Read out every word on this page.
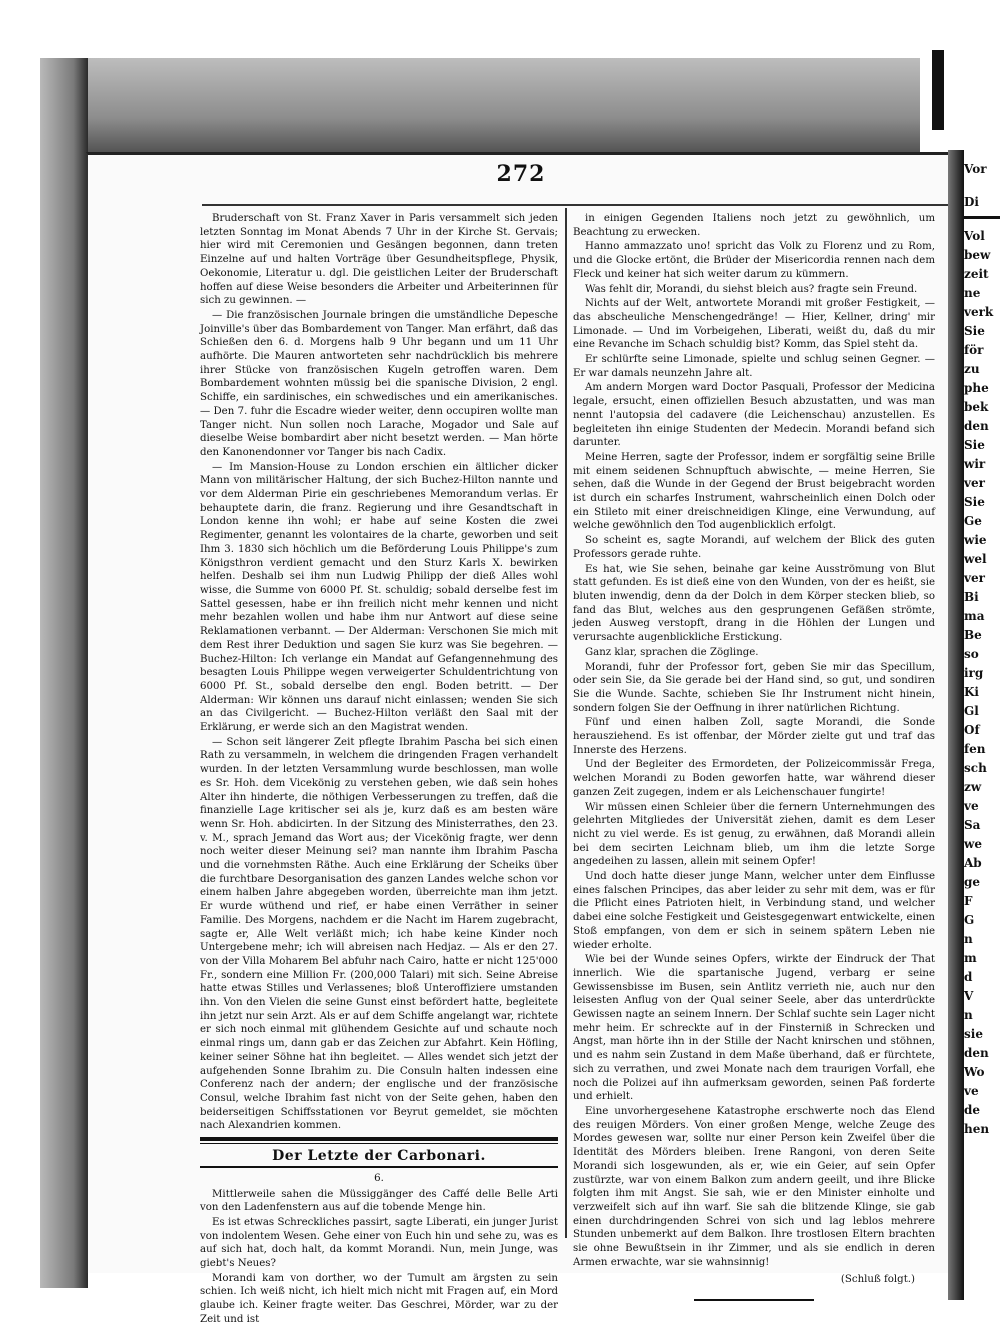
272

Bruderschaft von St. Franz Xaver in Paris versammelt sich jeden letzten Sonntag im Monat Abends 7 Uhr in der Kirche St. Gervais; hier wird mit Ceremonien und Gesängen begonnen, dann treten Einzelne auf und halten Vorträge über Gesundheitspflege, Physik, Oekonomie, Literatur u. dgl. Die geistlichen Leiter der Bruderschaft hoffen auf diese Weise besonders die Arbeiter und Arbeiterinnen für sich zu gewinnen. —

— Die französischen Journale bringen die umständliche Depesche Joinville's über das Bombardement von Tanger. Man erfährt, daß das Schießen den 6. d. Morgens halb 9 Uhr begann und um 11 Uhr aufhörte. Die Mauren antworteten sehr nachdrücklich bis mehrere ihrer Stücke von französischen Kugeln getroffen waren. Dem Bombardement wohnten müssig bei die spanische Division, 2 engl. Schiffe, ein sardinisches, ein schwedisches und ein amerikanisches. — Den 7. fuhr die Escadre wieder weiter, denn occupiren wollte man Tanger nicht. Nun sollen noch Larache, Mogador und Sale auf dieselbe Weise bombardirt aber nicht besetzt werden. — Man hörte den Kanonendonner vor Tanger bis nach Cadix.

— Im Mansion-House zu London erschien ein ältlicher dicker Mann von militärischer Haltung, der sich Buchez-Hilton nannte und vor dem Alderman Pirie ein geschriebenes Memorandum verlas. Er behauptete darin, die franz. Regierung und ihre Gesandtschaft in London kenne ihn wohl; er habe auf seine Kosten die zwei Regimenter, genannt les volontaires de la charte, geworben und seit Ihm 3. 1830 sich höchlich um die Beförderung Louis Philippe's zum Königsthron verdient gemacht und den Sturz Karls X. bewirken helfen. Deshalb sei ihm nun Ludwig Philipp der dieß Alles wohl wisse, die Summe von 6000 Pf. St. schuldig; sobald derselbe fest im Sattel gesessen, habe er ihn freilich nicht mehr kennen und nicht mehr bezahlen wollen und habe ihm nur Antwort auf diese seine Reklamationen verbannt. — Der Alderman: Verschonen Sie mich mit dem Rest ihrer Deduktion und sagen Sie kurz was Sie begehren. — Buchez-Hilton: Ich verlange ein Mandat auf Gefangennehmung des besagten Louis Philippe wegen verweigerter Schuldentrichtung von 6000 Pf. St., sobald derselbe den engl. Boden betritt. — Der Alderman: Wir können uns darauf nicht einlassen; wenden Sie sich an das Civilgericht. — Buchez-Hilton verläßt den Saal mit der Erklärung, er werde sich an den Magistrat wenden.

— Schon seit längerer Zeit pflegte Ibrahim Pascha bei sich einen Rath zu versammeln, in welchem die dringenden Fragen verhandelt wurden. In der letzten Versammlung wurde beschlossen, man wolle es Sr. Hoh. dem Vicekönig zu verstehen geben, wie daß sein hohes Alter ihn hinderte, die nöthigen Verbesserungen zu treffen, daß die finanzielle Lage kritischer sei als je, kurz daß es am besten wäre wenn Sr. Hoh. abdicirten. In der Sitzung des Ministerrathes, den 23. v. M., sprach Jemand das Wort aus; der Vicekönig fragte, wer denn noch weiter dieser Meinung sei? man nannte ihm Ibrahim Pascha und die vornehmsten Räthe. Auch eine Erklärung der Scheiks über die furchtbare Desorganisation des ganzen Landes welche schon vor einem halben Jahre abgegeben worden, überreichte man ihm jetzt. Er wurde wüthend und rief, er habe einen Verräther in seiner Familie. Des Morgens, nachdem er die Nacht im Harem zugebracht, sagte er, Alle Welt verläßt mich; ich habe keine Kinder noch Untergebene mehr; ich will abreisen nach Hedjaz. — Als er den 27. von der Villa Moharem Bel abfuhr nach Cairo, hatte er nicht 125'000 Fr., sondern eine Million Fr. (200,000 Talari) mit sich. Seine Abreise hatte etwas Stilles und Verlassenes; bloß Unteroffiziere umstanden ihn. Von den Vielen die seine Gunst einst befördert hatte, begleitete ihn jetzt nur sein Arzt. Als er auf dem Schiffe angelangt war, richtete er sich noch einmal mit glühendem Gesichte auf und schaute noch einmal rings um, dann gab er das Zeichen zur Abfahrt. Kein Höfling, keiner seiner Söhne hat ihn begleitet. — Alles wendet sich jetzt der aufgehenden Sonne Ibrahim zu. Die Consuln halten indessen eine Conferenz nach der andern; der englische und der französische Consul, welche Ibrahim fast nicht von der Seite gehen, haben den beiderseitigen Schiffsstationen vor Beyrut gemeldet, sie möchten nach Alexandrien kommen.

Der Letzte der Carbonari.
6.

Mittlerweile sahen die Müssiggänger des Caffé delle Belle Arti von den Ladenfenstern aus auf die tobende Menge hin.

Es ist etwas Schreckliches passirt, sagte Liberati, ein junger Jurist von indolentem Wesen. Gehe einer von Euch hin und sehe zu, was es auf sich hat, doch halt, da kommt Morandi. Nun, mein Junge, was giebt's Neues?

Morandi kam von dorther, wo der Tumult am ärgsten zu sein schien. Ich weiß nicht, ich hielt mich nicht mit Fragen auf, ein Mord glaube ich. Keiner fragte weiter. Das Geschrei, Mörder, war zu der Zeit und ist

in einigen Gegenden Italiens noch jetzt zu gewöhnlich, um Beachtung zu erwecken.

Hanno ammazzato uno! spricht das Volk zu Florenz und zu Rom, und die Glocke ertönt, die Brüder der Misericordia rennen nach dem Fleck und keiner hat sich weiter darum zu kümmern.

Was fehlt dir, Morandi, du siehst bleich aus? fragte sein Freund.

Nichts auf der Welt, antwortete Morandi mit großer Festigkeit, — das abscheuliche Menschengedränge! — Hier, Kellner, dring' mir Limonade. — Und im Vorbeigehen, Liberati, weißt du, daß du mir eine Revanche im Schach schuldig bist? Komm, das Spiel steht da.

Er schlürfte seine Limonade, spielte und schlug seinen Gegner. — Er war damals neunzehn Jahre alt.

Am andern Morgen ward Doctor Pasquali, Professor der Medicina legale, ersucht, einen offiziellen Besuch abzustatten, und was man nennt l'autopsia del cadavere (die Leichenschau) anzustellen. Es begleiteten ihn einige Studenten der Medecin. Morandi befand sich darunter.

Meine Herren, sagte der Professor, indem er sorgfältig seine Brille mit einem seidenen Schnupftuch abwischte, — meine Herren, Sie sehen, daß die Wunde in der Gegend der Brust beigebracht worden ist durch ein scharfes Instrument, wahrscheinlich einen Dolch oder ein Stileto mit einer dreischneidigen Klinge, eine Verwundung, auf welche gewöhnlich den Tod augenblicklich erfolgt.

So scheint es, sagte Morandi, auf welchem der Blick des guten Professors gerade ruhte.

Es hat, wie Sie sehen, beinahe gar keine Ausströmung von Blut statt gefunden. Es ist dieß eine von den Wunden, von der es heißt, sie bluten inwendig, denn da der Dolch in dem Körper stecken blieb, so fand das Blut, welches aus den gesprungenen Gefäßen strömte, jeden Ausweg verstopft, drang in die Höhlen der Lungen und verursachte augenblickliche Erstickung.

Ganz klar, sprachen die Zöglinge.

Morandi, fuhr der Professor fort, geben Sie mir das Specillum, oder sein Sie, da Sie gerade bei der Hand sind, so gut, und sondiren Sie die Wunde. Sachte, schieben Sie Ihr Instrument nicht hinein, sondern folgen Sie der Oeffnung in ihrer natürlichen Richtung.

Fünf und einen halben Zoll, sagte Morandi, die Sonde herausziehend. Es ist offenbar, der Mörder zielte gut und traf das Innerste des Herzens.

Und der Begleiter des Ermordeten, der Polizeicommissär Frega, welchen Morandi zu Boden geworfen hatte, war während dieser ganzen Zeit zugegen, indem er als Leichenschauer fungirte!

Wir müssen einen Schleier über die fernern Unternehmungen des gelehrten Mitgliedes der Universität ziehen, damit es dem Leser nicht zu viel werde. Es ist genug, zu erwähnen, daß Morandi allein bei dem secirten Leichnam blieb, um ihm die letzte Sorge angedeihen zu lassen, allein mit seinem Opfer!

Und doch hatte dieser junge Mann, welcher unter dem Einflusse eines falschen Principes, das aber leider zu sehr mit dem, was er für die Pflicht eines Patrioten hielt, in Verbindung stand, und welcher dabei eine solche Festigkeit und Geistesgegenwart entwickelte, einen Stoß empfangen, von dem er sich in seinem spätern Leben nie wieder erholte.

Wie bei der Wunde seines Opfers, wirkte der Eindruck der That innerlich. Wie die spartanische Jugend, verbarg er seine Gewissensbisse im Busen, sein Antlitz verrieth nie, auch nur den leisesten Anflug von der Qual seiner Seele, aber das unterdrückte Gewissen nagte an seinem Innern. Der Schlaf suchte sein Lager nicht mehr heim. Er schreckte auf in der Finsterniß in Schrecken und Angst, man hörte ihn in der Stille der Nacht knirschen und stöhnen, und es nahm sein Zustand in dem Maße überhand, daß er fürchtete, sich zu verrathen, und zwei Monate nach dem traurigen Vorfall, ehe noch die Polizei auf ihn aufmerksam geworden, seinen Paß forderte und erhielt.

Eine unvorhergesehene Katastrophe erschwerte noch das Elend des reuigen Mörders. Von einer großen Menge, welche Zeuge des Mordes gewesen war, sollte nur einer Person kein Zweifel über die Identität des Mörders bleiben. Irene Rangoni, von deren Seite Morandi sich losgewunden, als er, wie ein Geier, auf sein Opfer zustürzte, war von einem Balkon zum andern geeilt, und ihre Blicke folgten ihm mit Angst. Sie sah, wie er den Minister einholte und verzweifelt sich auf ihn warf. Sie sah die blitzende Klinge, sie gab einen durchdringenden Schrei von sich und lag leblos mehrere Stunden unbemerkt auf dem Balkon. Ihre trostlosen Eltern brachten sie ohne Bewußtsein in ihr Zimmer, und als sie endlich in deren Armen erwachte, war sie wahnsinnig!

(Schluß folgt.)
Vor
Di
Vol
bew
zeit
ne
verk
Sie
för
zu
phe
bek
den
Sie
wir
ver
Sie
Ge
wie
wel
ver
Bi
ma
Be
so
irg
Ki
Gl
Of
fen
sch
zw
ve
Sa
we
Ab
ge
F
G
n
m
d
V
n
sie
den
Wo
ve
de
hen
